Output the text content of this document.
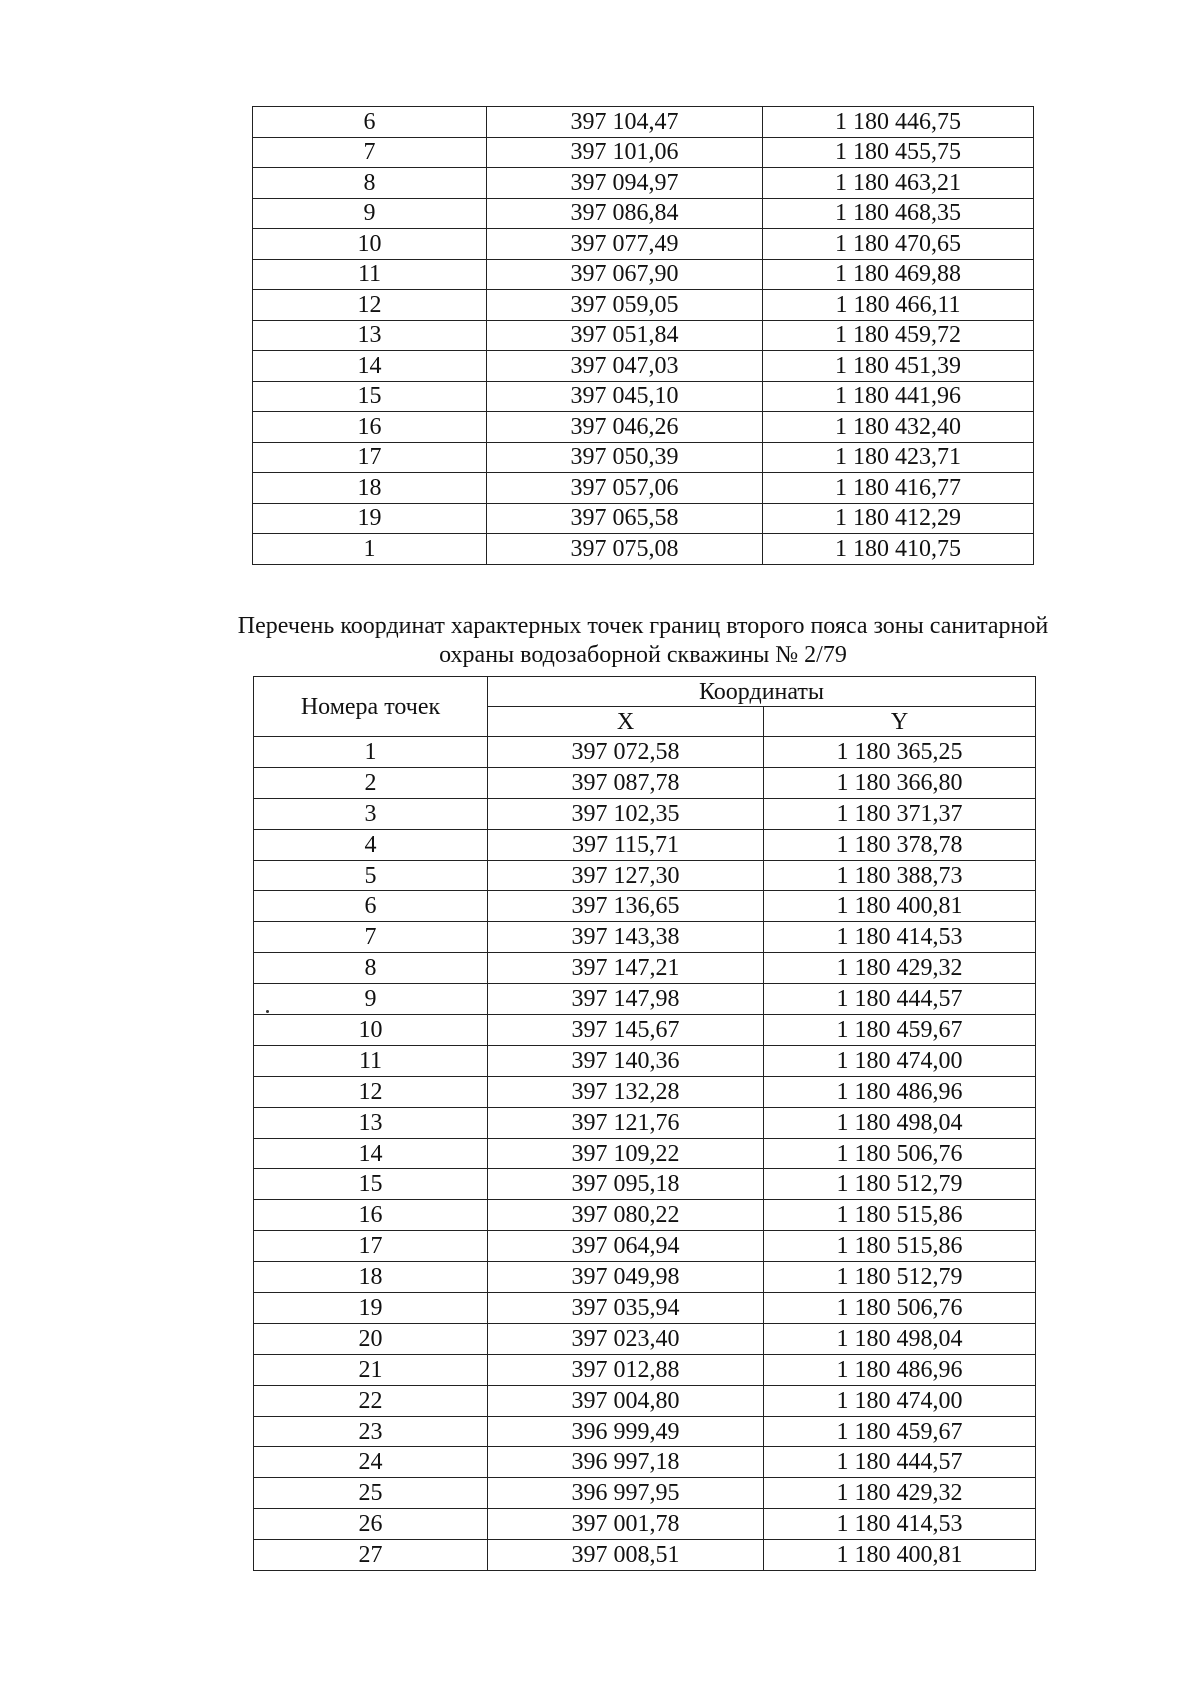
6	397 104,47	1 180 446,75
7	397 101,06	1 180 455,75
8	397 094,97	1 180 463,21
9	397 086,84	1 180 468,35
10	397 077,49	1 180 470,65
11	397 067,90	1 180 469,88
12	397 059,05	1 180 466,11
13	397 051,84	1 180 459,72
14	397 047,03	1 180 451,39
15	397 045,10	1 180 441,96
16	397 046,26	1 180 432,40
17	397 050,39	1 180 423,71
18	397 057,06	1 180 416,77
19	397 065,58	1 180 412,29
1	397 075,08	1 180 410,75
Перечень координат характерных точек границ второго пояса зоны санитарной
охраны водозаборной скважины № 2/79
Номера точек	Координаты	
	X	Y
1	397 072,58	1 180 365,25
2	397 087,78	1 180 366,80
3	397 102,35	1 180 371,37
4	397 115,71	1 180 378,78
5	397 127,30	1 180 388,73
6	397 136,65	1 180 400,81
7	397 143,38	1 180 414,53
8	397 147,21	1 180 429,32
9	397 147,98	1 180 444,57
10	397 145,67	1 180 459,67
11	397 140,36	1 180 474,00
12	397 132,28	1 180 486,96
13	397 121,76	1 180 498,04
14	397 109,22	1 180 506,76
15	397 095,18	1 180 512,79
16	397 080,22	1 180 515,86
17	397 064,94	1 180 515,86
18	397 049,98	1 180 512,79
19	397 035,94	1 180 506,76
20	397 023,40	1 180 498,04
21	397 012,88	1 180 486,96
22	397 004,80	1 180 474,00
23	396 999,49	1 180 459,67
24	396 997,18	1 180 444,57
25	396 997,95	1 180 429,32
26	397 001,78	1 180 414,53
27	397 008,51	1 180 400,81
